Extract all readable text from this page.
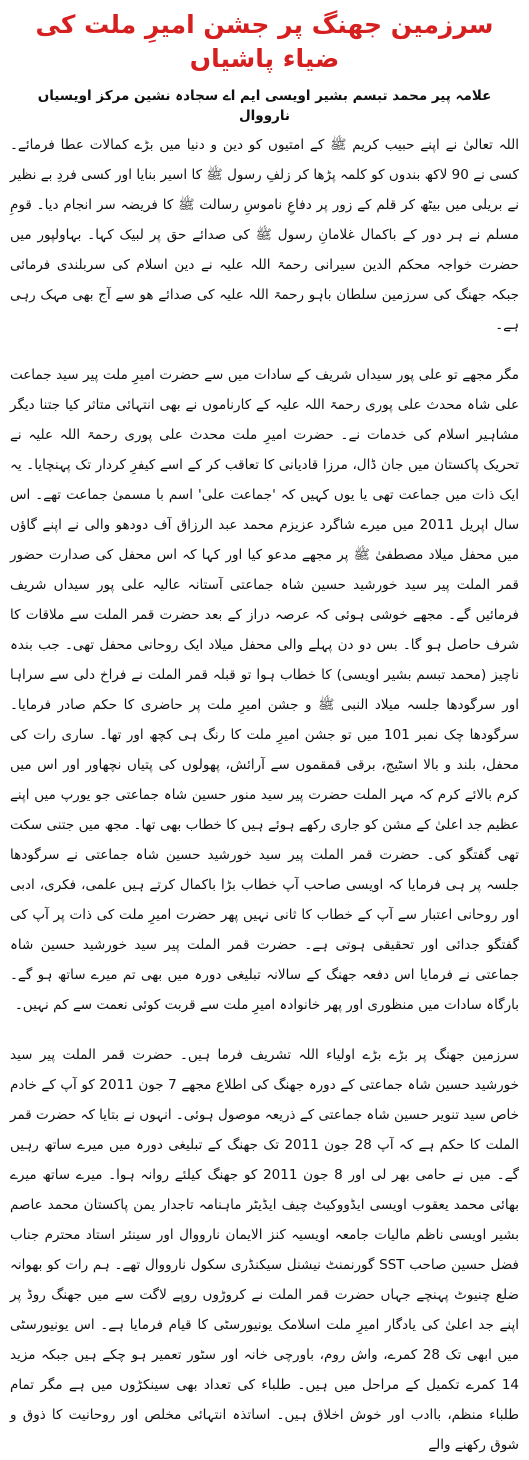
سرزمین جھنگ پر جشن امیرِ ملت کی ضیاء پاشیاں
علامہ پیر محمد تبسم بشیر اویسی ایم اے سجادہ نشین مرکز اویسیاں نارووال

اللہ تعالیٰ نے اپنے حبیب کریم ﷺ کے امتیوں کو دین و دنیا میں بڑے کمالات عطا فرمائے۔ کسی نے 90 لاکھ بندوں کو کلمہ پڑھا کر زلفِ رسول ﷺ کا اسیر بنایا اور کسی فردِ بے نظیر نے بریلی میں بیٹھ کر قلم کے زور پر دفاعِ ناموسِ رسالت ﷺ کا فریضہ سر انجام دیا۔ قومِ مسلم نے ہر دور کے باکمال غلامانِ رسول ﷺ کی صدائے حق پر لبیک کہا۔ بہاولپور میں حضرت خواجہ محکم الدین سیرانی رحمۃ اللہ علیہ نے دین اسلام کی سربلندی فرمائی جبکہ جھنگ کی سرزمین سلطان باہو رحمۃ اللہ علیہ کی صدائے ھو سے آج بھی مہک رہی ہے۔

مگر مجھے تو علی پور سیداں شریف کے سادات میں سے حضرت امیرِ ملت پیر سید جماعت علی شاہ محدث علی پوری رحمۃ اللہ علیہ کے کارناموں نے بھی انتہائی متاثر کیا جتنا دیگر مشاہیر اسلام کی خدمات نے۔ حضرت امیرِ ملت محدث علی پوری رحمۃ اللہ علیہ نے تحریک پاکستان میں جان ڈال، مرزا قادیانی کا تعاقب کر کے اسے کیفرِ کردار تک پہنچایا۔ یہ ایک ذات میں جماعت تھی یا یوں کہیں کہ 'جماعت علی' اسم با مسمیٰ جماعت تھے۔ اس سال اپریل 2011 میں میرے شاگرد عزیزم محمد عبد الرزاق آف دودھو والی نے اپنے گاؤں میں محفل میلاد مصطفیٰ ﷺ پر مجھے مدعو کیا اور کہا کہ اس محفل کی صدارت حضور قمر الملت پیر سید خورشید حسین شاہ جماعتی آستانہ عالیہ علی پور سیداں شریف فرمائیں گے۔ مجھے خوشی ہوئی کہ عرصہ دراز کے بعد حضرت قمر الملت سے ملاقات کا شرف حاصل ہو گا۔ بس دو دن پہلے والی محفل میلاد ایک روحانی محفل تھی۔ جب بندہ ناچیز (محمد تبسم بشیر اویسی) کا خطاب ہوا تو قبلہ قمر الملت نے فراخ دلی سے سراہا اور سرگودھا جلسہ میلاد النبی ﷺ و جشن امیرِ ملت پر حاضری کا حکم صادر فرمایا۔ سرگودھا چک نمبر 101 میں تو جشن امیرِ ملت کا رنگ ہی کچھ اور تھا۔ ساری رات کی محفل، بلند و بالا اسٹیج، برقی قمقموں سے آرائش، پھولوں کی پتیاں نچھاور اور اس میں کرم بالائے کرم کہ مہر الملت حضرت پیر سید منور حسین شاہ جماعتی جو یورپ میں اپنے عظیم جد اعلیٰ کے مشن کو جاری رکھے ہوئے ہیں کا خطاب بھی تھا۔ مجھ میں جتنی سکت تھی گفتگو کی۔ حضرت قمر الملت پیر سید خورشید حسین شاہ جماعتی نے سرگودھا جلسہ پر ہی فرمایا کہ اویسی صاحب آپ خطاب بڑا باکمال کرتے ہیں علمی، فکری، ادبی اور روحانی اعتبار سے آپ کے خطاب کا ثانی نہیں پھر حضرت امیرِ ملت کی ذات پر آپ کی گفتگو جدائی اور تحقیقی ہوتی ہے۔ حضرت قمر الملت پیر سید خورشید حسین شاہ جماعتی نے فرمایا اس دفعہ جھنگ کے سالانہ تبلیغی دورہ میں بھی تم میرے ساتھ ہو گے۔ بارگاہ سادات میں منظوری اور پھر خانوادہ امیرِ ملت سے قربت کوئی نعمت سے کم نہیں۔

سرزمین جھنگ پر بڑے بڑے اولیاء اللہ تشریف فرما ہیں۔ حضرت قمر الملت پیر سید خورشید حسین شاہ جماعتی کے دورہ جھنگ کی اطلاع مجھے 7 جون 2011 کو آپ کے خادم خاص سید تنویر حسین شاہ جماعتی کے ذریعہ موصول ہوئی۔ انہوں نے بتایا کہ حضرت قمر الملت کا حکم ہے کہ آپ 28 جون 2011 تک جھنگ کے تبلیغی دورہ میں میرے ساتھ رہیں گے۔ میں نے حامی بھر لی اور 8 جون 2011 کو جھنگ کیلئے روانہ ہوا۔ میرے ساتھ میرے بھائی محمد یعقوب اویسی ایڈووکیٹ چیف ایڈیٹر ماہنامہ تاجدار یمن پاکستان محمد عاصم بشیر اویسی ناظم مالیات جامعہ اویسیہ کنز الایمان نارووال اور سینئر استاد محترم جناب فضل حسین صاحب SST گورنمنٹ نیشنل سیکنڈری سکول نارووال تھے۔ ہم رات کو بھوانہ ضلع چنیوٹ پہنچے جہاں حضرت قمر الملت نے کروڑوں روپے لاگت سے میں جھنگ روڈ پر اپنے جد اعلیٰ کی یادگار امیرِ ملت اسلامک یونیورسٹی کا قیام فرمایا ہے۔ اس یونیورسٹی میں ابھی تک 28 کمرے، واش روم، باورچی خانہ اور سٹور تعمیر ہو چکے ہیں جبکہ مزید 14 کمرے تکمیل کے مراحل میں ہیں۔ طلباء کی تعداد بھی سینکڑوں میں ہے مگر تمام طلباء منظم، باادب اور خوش اخلاق ہیں۔ اساتذہ انتہائی مخلص اور روحانیت کا ذوق و شوق رکھنے والے
